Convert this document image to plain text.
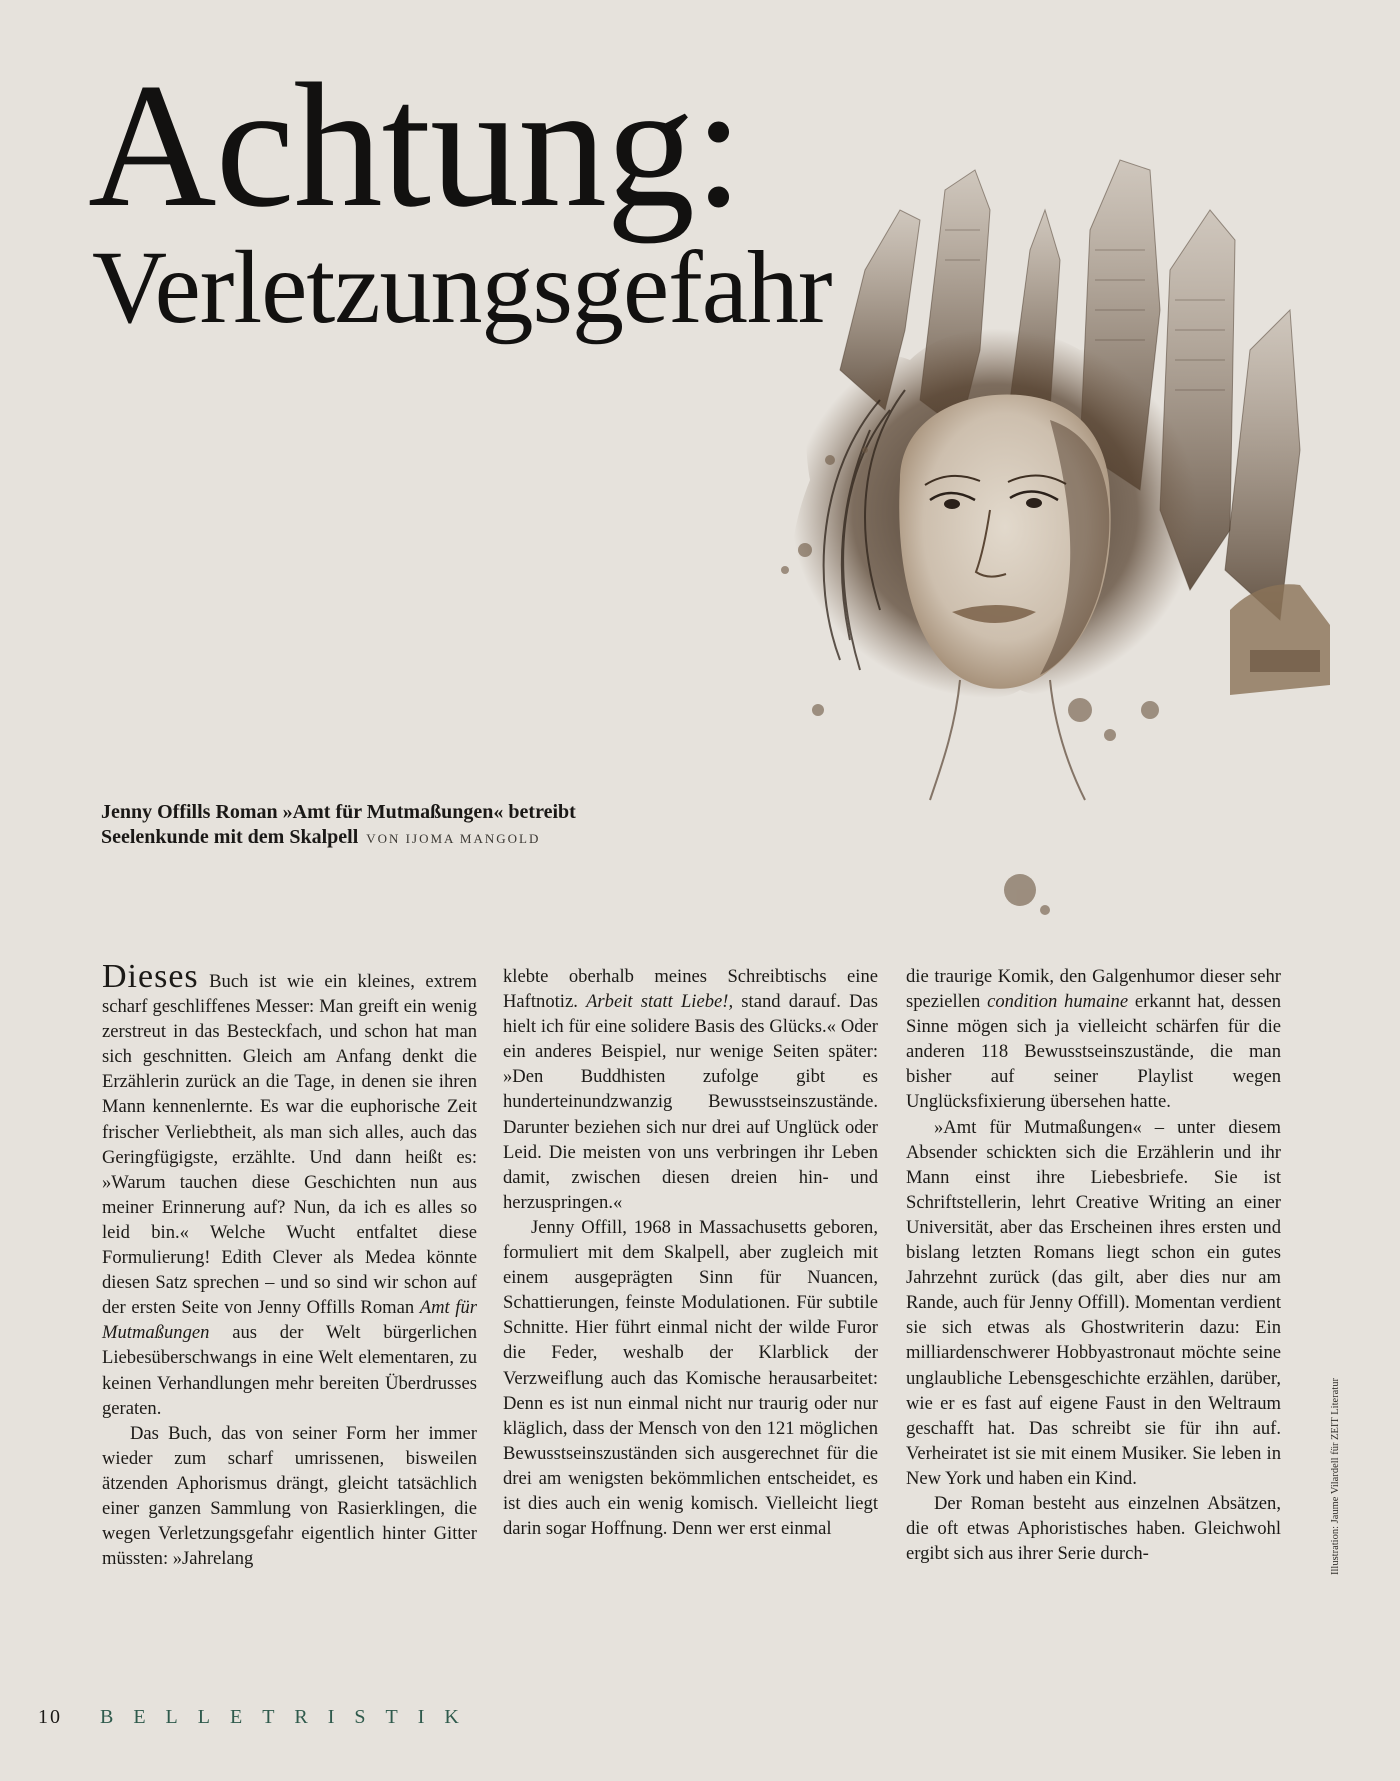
Achtung:
Verletzungsgefahr
Jenny Offills Roman »Amt für Mutmaßungen« betreibt
Seelenkunde mit dem Skalpell VON IJOMA MANGOLD

Dieses Buch ist wie ein kleines, extrem scharf geschliffenes Messer: Man greift ein wenig zerstreut in das Besteckfach, und schon hat man sich geschnitten. Gleich am Anfang denkt die Erzählerin zurück an die Tage, in denen sie ihren Mann kennenlernte. Es war die euphorische Zeit frischer Verliebtheit, als man sich alles, auch das Geringfügigste, erzählte. Und dann heißt es: »Warum tauchen diese Geschichten nun aus meiner Erinnerung auf? Nun, da ich es alles so leid bin.« Welche Wucht entfaltet diese Formulierung! Edith Clever als Medea könnte diesen Satz sprechen – und so sind wir schon auf der ersten Seite von Jenny Offills Roman Amt für Mutmaßungen aus der Welt bürgerlichen Liebesüberschwangs in eine Welt elementaren, zu keinen Verhandlungen mehr bereiten Überdrusses geraten.

Das Buch, das von seiner Form her immer wieder zum scharf umrissenen, bisweilen ätzenden Aphorismus drängt, gleicht tatsächlich einer ganzen Sammlung von Rasierklingen, die wegen Verletzungsgefahr eigentlich hinter Gitter müssten: »Jahrelang

klebte oberhalb meines Schreibtischs eine Haftnotiz. Arbeit statt Liebe!, stand darauf. Das hielt ich für eine solidere Basis des Glücks.« Oder ein anderes Beispiel, nur wenige Seiten später: »Den Buddhisten zufolge gibt es hunderteinundzwanzig Bewusstseinszustände. Darunter beziehen sich nur drei auf Unglück oder Leid. Die meisten von uns verbringen ihr Leben damit, zwischen diesen dreien hin- und herzuspringen.«

Jenny Offill, 1968 in Massachusetts geboren, formuliert mit dem Skalpell, aber zugleich mit einem ausgeprägten Sinn für Nuancen, Schattierungen, feinste Modulationen. Für subtile Schnitte. Hier führt einmal nicht der wilde Furor die Feder, weshalb der Klarblick der Verzweiflung auch das Komische herausarbeitet: Denn es ist nun einmal nicht nur traurig oder nur kläglich, dass der Mensch von den 121 möglichen Bewusstseinszuständen sich ausgerechnet für die drei am wenigsten bekömmlichen entscheidet, es ist dies auch ein wenig komisch. Vielleicht liegt darin sogar Hoffnung. Denn wer erst einmal

die traurige Komik, den Galgenhumor dieser sehr speziellen condition humaine erkannt hat, dessen Sinne mögen sich ja vielleicht schärfen für die anderen 118 Bewusstseinszustände, die man bisher auf seiner Playlist wegen Unglücksfixierung übersehen hatte.

»Amt für Mutmaßungen« – unter diesem Absender schickten sich die Erzählerin und ihr Mann einst ihre Liebesbriefe. Sie ist Schriftstellerin, lehrt Creative Writing an einer Universität, aber das Erscheinen ihres ersten und bislang letzten Romans liegt schon ein gutes Jahrzehnt zurück (das gilt, aber dies nur am Rande, auch für Jenny Offill). Momentan verdient sie sich etwas als Ghostwriterin dazu: Ein milliardenschwerer Hobbyastronaut möchte seine unglaubliche Lebensgeschichte erzählen, darüber, wie er es fast auf eigene Faust in den Weltraum geschafft hat. Das schreibt sie für ihn auf. Verheiratet ist sie mit einem Musiker. Sie leben in New York und haben ein Kind.

Der Roman besteht aus einzelnen Absätzen, die oft etwas Aphoristisches haben. Gleichwohl ergibt sich aus ihrer Serie durch-	Illustration: Jaume Vilardell für ZEIT Literatur
10 BELLETRISTIK
